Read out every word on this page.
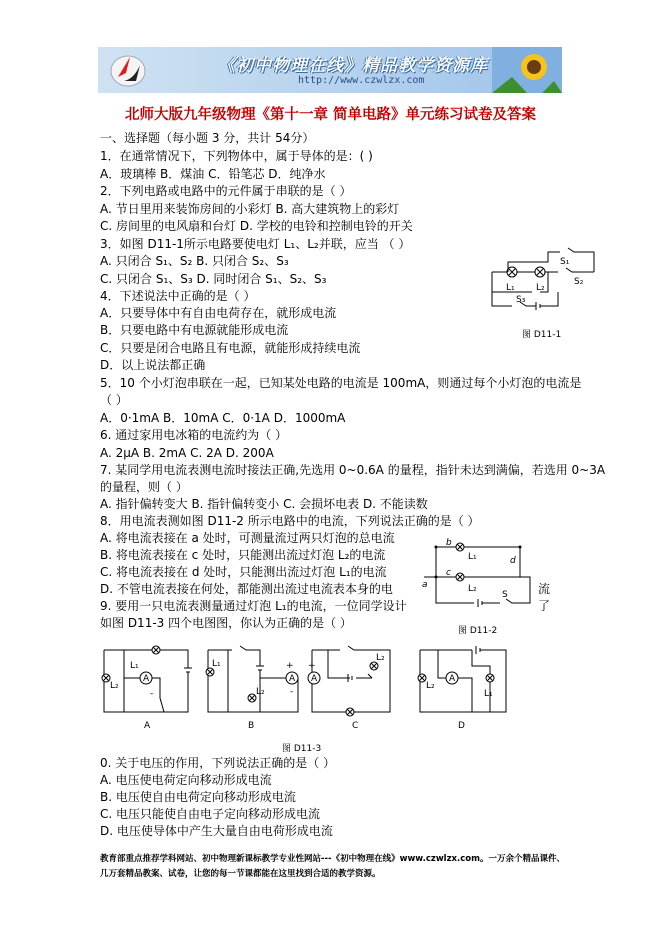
《初中物理在线》精品教学资源库
http://www.czwlzx.com
北师大版九年级物理《第十一章 简单电路》单元练习试卷及答案
一、选择题（每小题 3 分，共计 54分）
1．在通常情况下，下列物体中，属于导体的是：( )
A．玻璃棒 B．煤油 C．铅笔芯 D．纯净水
2．下列电路或电路中的元件属于串联的是（ ）
A. 节日里用来装饰房间的小彩灯 B. 高大建筑物上的彩灯
C. 房间里的电风扇和台灯 D. 学校的电铃和控制电铃的开关
3．如图 D11-1所示电路要使电灯 L₁、L₂并联，应当 （ ）
A. 只闭合 S₁、S₂ B. 只闭合 S₂、S₃
C. 只闭合 S₁、S₃ D. 同时闭合 S₁、S₂、S₃
4．下述说法中正确的是（ ）
A．只要导体中有自由电荷存在，就形成电流
B．只要电路中有电源就能形成电流
C．只要是闭合电路且有电源，就能形成持续电流
D．以上说法都正确
5．10 个小灯泡串联在一起，已知某处电路的电流是 100mA，则通过每个小灯泡的电流是
（ ）
A．0·1mA B．10mA C．0·1A D．1000mA
6. 通过家用电冰箱的电流约为（ ）
A. 2μA B. 2mA C. 2A D. 200A
7. 某同学用电流表测电流时接法正确,先选用 0~0.6A 的量程，指针未达到满偏，若选用 0~3A
的量程，则（ ）
A. 指针偏转变大 B. 指针偏转变小 C. 会损坏电表 D. 不能读数
8．用电流表测如图 D11-2 所示电路中的电流，下列说法正确的是（ ）
A. 将电流表接在 a 处时，可测量流过两只灯泡的总电流
B. 将电流表接在 c 处时，只能测出流过灯泡 L₂的电流
C. 将电流表接在 d 处时，只能测出流过灯泡 L₁的电流
D. 不管电流表接在何处，都能测出流过电流表本身的电
9. 要用一只电流表测量通过灯泡 L₁的电流，一位同学设计
如图 D11-3 四个电图图，你认为正确的是（ ）
流
了
0. 关于电压的作用，下列说法正确的是（ ）
A. 电压使电荷定向移动形成电流
B. 电压使自由电荷定向移动形成电流
C. 电压只能使自由电子定向移动形成电流
D. 电压使导体中产生大量自由电荷形成电流
S₁
L₁ L₂
S₂
S₃
图 D11-1
b
L₁	d
c
a	L₂
S
图 D11-2
L₁
L₂
A
-
L₁
L₂
A
+
-
A
+
L₂
L₂
A
L₁
A	B	C	D
图 D11-3
教育部重点推荐学科网站、初中物理新课标教学专业性网站---《初中物理在线》www.czwlzx.com。一万余个精品课件、几万套精品教案、试卷，让您的每一节课都能在这里找到合适的教学资源。
